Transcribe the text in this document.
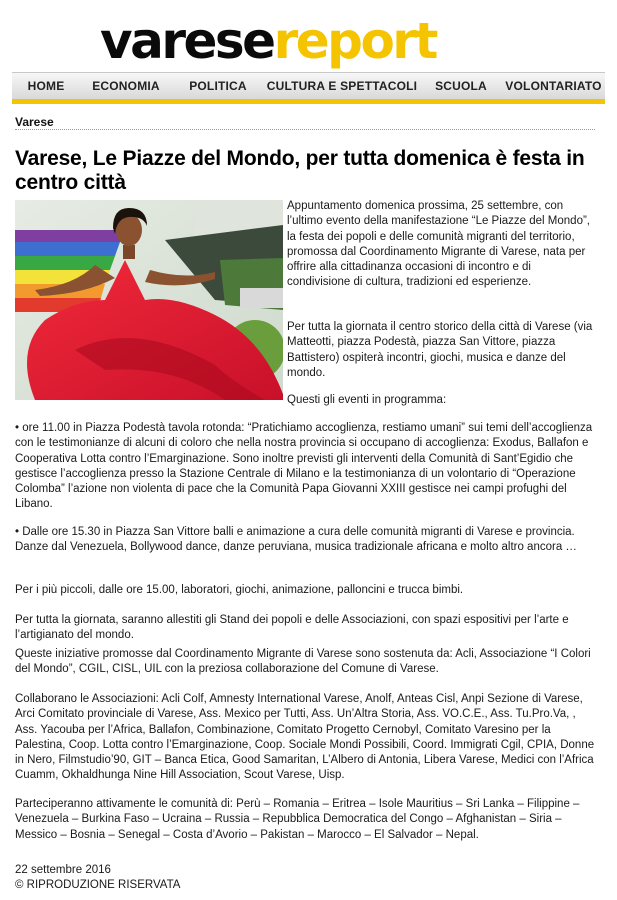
varesereport
HOME	ECONOMIA	POLITICA	CULTURA E SPETTACOLI	SCUOLA	VOLONTARIATO
Varese
Varese, Le Piazze del Mondo, per tutta domenica è festa in centro città
Appuntamento domenica prossima, 25 settembre, con l’ultimo evento della manifestazione “Le Piazze del Mondo”, la festa dei popoli e delle comunità migranti del territorio, promossa dal Coordinamento Migrante di Varese, nata per offrire alla cittadinanza occasioni di incontro e di condivisione di cultura, tradizioni ed esperienze.
Per tutta la giornata il centro storico della città di Varese (via Matteotti, piazza Podestà, piazza San Vittore, piazza Battistero) ospiterà incontri, giochi, musica e danze del mondo.
Questi gli eventi in programma:
• ore 11.00 in Piazza Podestà tavola rotonda: “Pratichiamo accoglienza, restiamo umani” sui temi dell’accoglienza con le testimonianze di alcuni di coloro che nella nostra provincia si occupano di accoglienza: Exodus, Ballafon e Cooperativa Lotta contro l’Emarginazione. Sono inoltre previsti gli interventi della Comunità di Sant’Egidio che gestisce l’accoglienza presso la Stazione Centrale di Milano e la testimonianza di un volontario di “Operazione Colomba” l’azione non violenta di pace che la Comunità Papa Giovanni XXIII gestisce nei campi profughi del Libano.
• Dalle ore 15.30 in Piazza San Vittore balli e animazione a cura delle comunità migranti di Varese e provincia. Danze dal Venezuela, Bollywood dance, danze peruviana, musica tradizionale africana e molto altro ancora …
Per i più piccoli, dalle ore 15.00, laboratori, giochi, animazione, palloncini e trucca bimbi.
Per tutta la giornata, saranno allestiti gli Stand dei popoli e delle Associazioni, con spazi espositivi per l’arte e l’artigianato del mondo.
Queste iniziative promosse dal Coordinamento Migrante di Varese sono sostenuta da: Acli, Associazione “I Colori del Mondo”, CGIL, CISL, UIL con la preziosa collaborazione del Comune di Varese.
Collaborano le Associazioni: Acli Colf, Amnesty International Varese, Anolf, Anteas Cisl, Anpi Sezione di Varese, Arci Comitato provinciale di Varese, Ass. Mexico per Tutti, Ass. Un’Altra Storia, Ass. VO.C.E., Ass. Tu.Pro.Va, , Ass. Yacouba per l’Africa, Ballafon, Combinazione, Comitato Progetto Cernobyl, Comitato Varesino per la Palestina, Coop. Lotta contro l’Emarginazione, Coop. Sociale Mondi Possibili, Coord. Immigrati Cgil, CPIA, Donne in Nero, Filmstudio’90, GIT – Banca Etica, Good Samaritan, L’Albero di Antonia, Libera Varese, Medici con l’Africa Cuamm, Okhaldhunga Nine Hill Association, Scout Varese, Uisp.
Parteciperanno attivamente le comunità di: Perù – Romania – Eritrea – Isole Mauritius – Sri Lanka – Filippine – Venezuela – Burkina Faso – Ucraina – Russia – Repubblica Democratica del Congo – Afghanistan – Siria – Messico – Bosnia – Senegal – Costa d’Avorio – Pakistan – Marocco – El Salvador – Nepal.
22 settembre 2016
© RIPRODUZIONE RISERVATA
